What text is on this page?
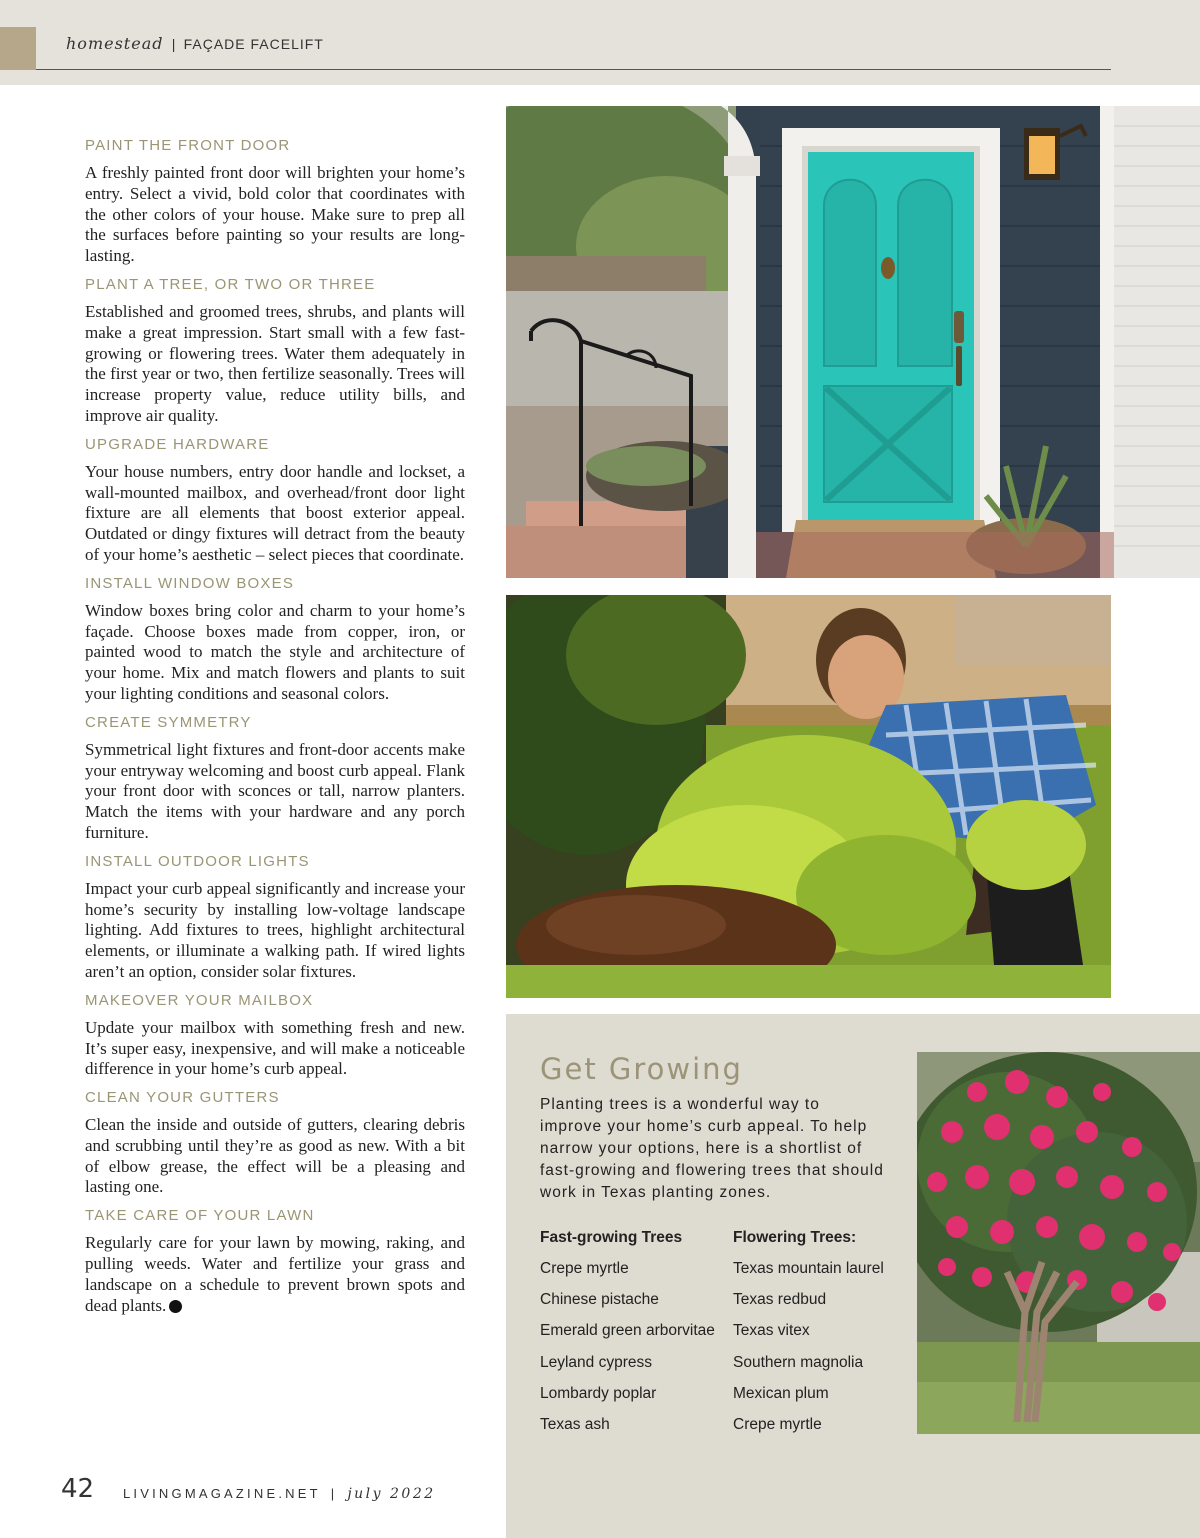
homestead | FAÇADE FACELIFT
PAINT THE FRONT DOOR

A freshly painted front door will brighten your home’s entry. Select a vivid, bold color that coordinates with the other colors of your house. Make sure to prep all the surfaces before painting so your results are long-lasting.

PLANT A TREE, OR TWO OR THREE

Established and groomed trees, shrubs, and plants will make a great impression. Start small with a few fast-growing or flowering trees. Water them adequately in the first year or two, then fertilize seasonally. Trees will increase property value, reduce utility bills, and improve air quality.

UPGRADE HARDWARE

Your house numbers, entry door handle and lockset, a wall-mounted mailbox, and overhead/front door light fixture are all elements that boost exterior appeal. Outdated or dingy fixtures will detract from the beauty of your home’s aesthetic – select pieces that coordinate.

INSTALL WINDOW BOXES

Window boxes bring color and charm to your home’s façade. Choose boxes made from copper, iron, or painted wood to match the style and architecture of your home. Mix and match flowers and plants to suit your lighting conditions and seasonal colors.

CREATE SYMMETRY

Symmetrical light fixtures and front-door accents make your entryway welcoming and boost curb appeal. Flank your front door with sconces or tall, narrow planters. Match the items with your hardware and any porch furniture.

INSTALL OUTDOOR LIGHTS

Impact your curb appeal significantly and increase your home’s security by installing low-voltage landscape lighting. Add fixtures to trees, highlight architectural elements, or illuminate a walking path. If wired lights aren’t an option, consider solar fixtures.

MAKEOVER YOUR MAILBOX

Update your mailbox with something fresh and new. It’s super easy, inexpensive, and will make a noticeable difference in your home’s curb appeal.

CLEAN YOUR GUTTERS

Clean the inside and outside of gutters, clearing debris and scrubbing until they’re as good as new. With a bit of elbow grease, the effect will be a pleasing and lasting one.

TAKE CARE OF YOUR LAWN

Regularly care for your lawn by mowing, raking, and pulling weeds. Water and fertilize your grass and landscape on a schedule to prevent brown spots and dead plants.

Get Growing

Planting trees is a wonderful way to improve your home’s curb appeal. To help narrow your options, here is a shortlist of fast-growing and flowering trees that should work in Texas planting zones.

Fast-growing Trees
Crepe myrtle
Chinese pistache
Emerald green arborvitae
Leyland cypress
Lombardy poplar
Texas ash
Flowering Trees:
Texas mountain laurel
Texas redbud
Texas vitex
Southern magnolia
Mexican plum
Crepe myrtle
42 LIVINGMAGAZINE.NET | july 2022
